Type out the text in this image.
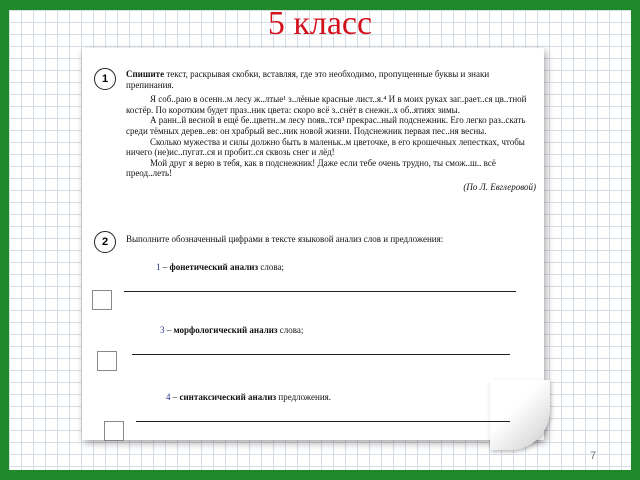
5 класс
1	Спишите текст, раскрывая скобки, вставляя, где это необходимо, пропущенные буквы и знаки препинания.

Я соб..раю в осенн..м лесу ж..лтые¹ з..лёные красные лист..я.⁴ И в моих руках заг..рает..ся цв..тной костёр. По коротким будет праз..ник цвета: скоро всё з..снёт в снежн..х об..ятиях зимы.

А ранн..й весной в ещё бе..цветн..м лесу появ..тся³ прекрас..ный подснежник. Его легко раз..скать среди тёмных дерев..ев: он храбрый вес..ник новой жизни. Подснежник первая пес..ня весны.

Сколько мужества и силы должно быть в маленьк..м цветочке, в его крошечных лепестках, чтобы ничего (не)ис..пугат..ся и пробит..ся сквозь снег и лёд!

Мой друг я верю в тебя, как в подснежник! Даже если тебе очень трудно, ты смож..ш.. всё преод..леть!

(По Л. Евглеровой)

2	Выполните обозначенный цифрами в тексте языковой анализ слов и предложения:
1 – фонетический анализ слова;
3 – морфологический анализ слова;
4 – синтаксический анализ предложения.
7
